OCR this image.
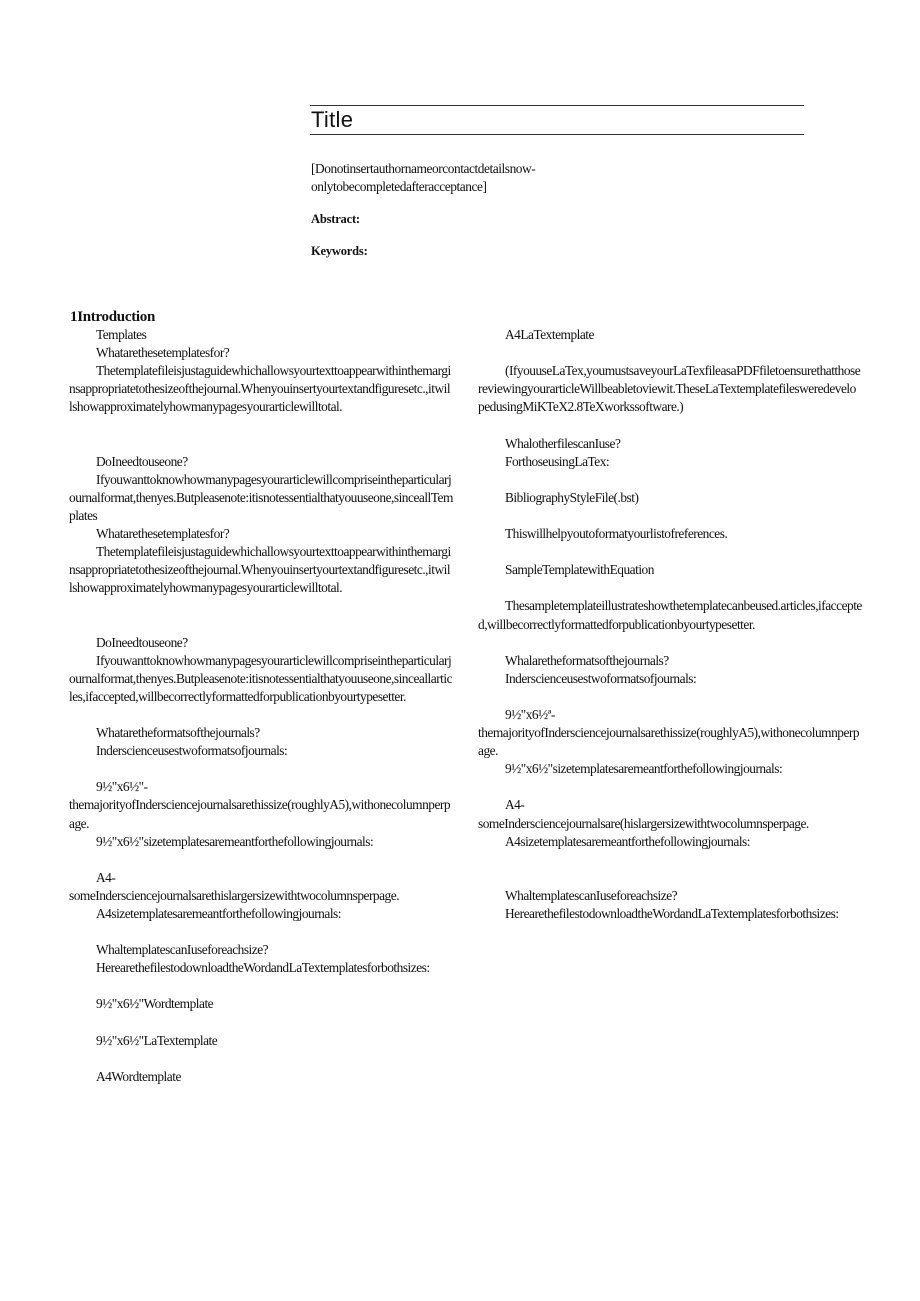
Title
[Donotinsertauthornameorcontactdetailsnow-
onlytobecompletedafteracceptance]
Abstract:
Keywords:
1Introduction

Templates

Whatarethesetemplatesfor?

Thetemplatefileisjustaguidewhichallowsyourtexttoappearwithinthemarginsappropriatetothesizeofthejournal.Whenyouinsertyourtextandfiguresetc.,itwillshowapproximatelyhowmanypagesyourarticlewilltotal.

DoIneedtouseone?

Ifyouwanttoknowhowmanypagesyourarticlewillcompriseintheparticularjournalformat,thenyes.Butpleasenote:itisnotessentialthatyouuseone,sinceallTemplates

Whatarethesetemplatesfor?

Thetemplatefileisjustaguidewhichallowsyourtexttoappearwithinthemarginsappropriatetothesizeofthejournal.Whenyouinsertyourtextandfiguresetc.,itwillshowapproximatelyhowmanypagesyourarticlewilltotal.

DoIneedtouseone?

Ifyouwanttoknowhowmanypagesyourarticlewillcompriseintheparticularjournalformat,thenyes.Butpleasenote:itisnotessentialthatyouuseone,sinceallarticles,ifaccepted,willbecorrectlyformattedforpublicationbyourtypesetter.

Whataretheformatsofthejournals?

Indersciencеusestwoformatsofjournals:

9½"x6½"-

themajorityofIndersciencejournalsarethissize(roughlyA5),withonecolumnperpage.

9½"x6½"sizetemplatesaremeantforthefollowingjournals:

A4-

someIndersciencejournalsarethislargersizewithtwocolumnsperpage.

A4sizetemplatesaremeantforthefollowingjournals:

WhaltemplatescanIuseforeachsize?

HerearethefilestodownloadtheWordandLaTextemplatesforbothsizes:

9½"x6½"Wordtemplate

9½"x6½"LaTextemplate

A4Wordtemplate

A4LaTextemplate

(IfyouuseLaTex,youmustsaveyourLaTexfileasaPDFfiletoensurethatthosereviewingyourarticleWillbeabletoviewit.TheseLaTextemplatefilesweredevelopedusingMiKTeX2.8TeXworkssoftware.)

WhalotherfilescanIuse?

ForthoseusingLaTex:

BibliographyStyleFile(.bst)

Thiswillhelpyoutoformatyourlistofreferences.

SampleTemplatewithEquation

Thesampletemplateillustrateshowthetemplatecanbeused.articles,ifaccepted,willbecorrectlyformattedforpublicationbyourtypesetter.

Whalaretheformatsofthejournals?

Indersciencеusestwoformatsofjournals:

9½"x6½ª-

themajorityofIndersciencejournalsarethissize(roughlyA5),withonecolumnperpage.

9½"x6½"sizetemplatesaremeantforthefollowingjournals:

A4-

someIndersciencejournalsare(hislargersizewithtwocolumnsperpage.

A4sizetemplatesaremeantforthefollowingjournals:

WhaltemplatescanIuseforeachsize?

HerearethefilestodownloadtheWordandLaTextemplatesforbothsizes:
